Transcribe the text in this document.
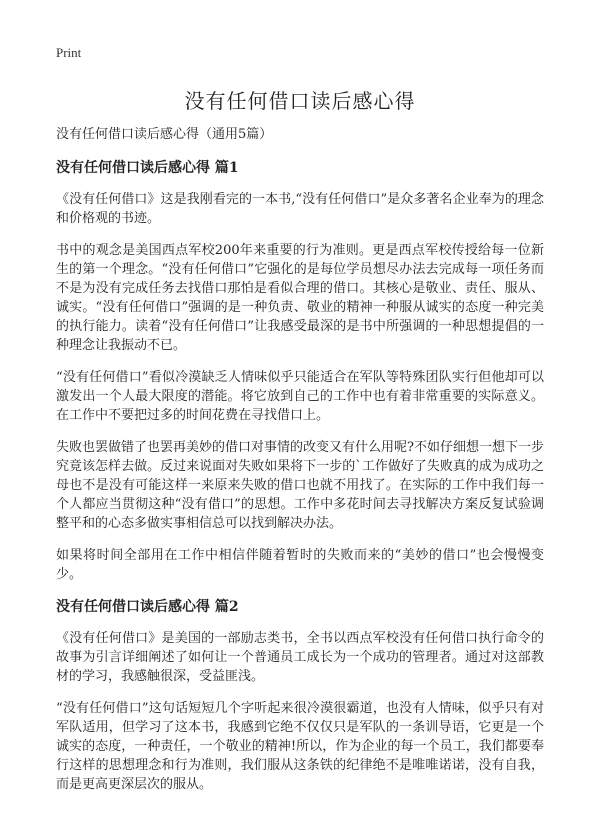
Print
没有任何借口读后感心得
没有任何借口读后感心得（通用5篇）
没有任何借口读后感心得 篇1

《没有任何借口》这是我刚看完的一本书,“没有任何借口”是众多著名企业奉为的理念和价格观的书迹。

书中的观念是美国西点军校200年来重要的行为准则。更是西点军校传授给每一位新生的第一个理念。“没有任何借口”它强化的是每位学员想尽办法去完成每一项任务而不是为没有完成任务去找借口那怕是看似合理的借口。其核心是敬业、责任、服从、诚实。“没有任何借口”强调的是一种负责、敬业的精神一种服从诚实的态度一种完美的执行能力。读着“没有任何借口”让我感受最深的是书中所强调的一种思想提倡的一种理念让我振动不已。

“没有任何借口”看似冷漠缺乏人情味似乎只能适合在军队等特殊团队实行但他却可以激发出一个人最大限度的潜能。将它放到自己的工作中也有着非常重要的实际意义。在工作中不要把过多的时间花费在寻找借口上。

失败也罢做错了也罢再美妙的借口对事情的改变又有什么用呢?不如仔细想一想下一步究竟该怎样去做。反过来说面对失败如果将下一步的`工作做好了失败真的成为成功之母也不是没有可能这样一来原来失败的借口也就不用找了。在实际的工作中我们每一个人都应当贯彻这种“没有借口”的思想。工作中多花时间去寻找解决方案反复试验调整平和的心态多做实事相信总可以找到解决办法。

如果将时间全部用在工作中相信伴随着暂时的失败而来的“美妙的借口”也会慢慢变少。

没有任何借口读后感心得 篇2

《没有任何借口》是美国的一部励志类书，全书以西点军校没有任何借口执行命令的故事为引言详细阐述了如何让一个普通员工成长为一个成功的管理者。通过对这部教材的学习，我感触很深，受益匪浅。

“没有任何借口”这句话短短几个字听起来很冷漠很霸道，也没有人情味，似乎只有对军队适用，但学习了这本书，我感到它绝不仅仅只是军队的一条训导语，它更是一个诚实的态度，一种责任，一个敬业的精神!所以，作为企业的每一个员工，我们都要奉行这样的思想理念和行为准则，我们服从这条铁的纪律绝不是唯唯诺诺，没有自我，而是更高更深层次的服从。
